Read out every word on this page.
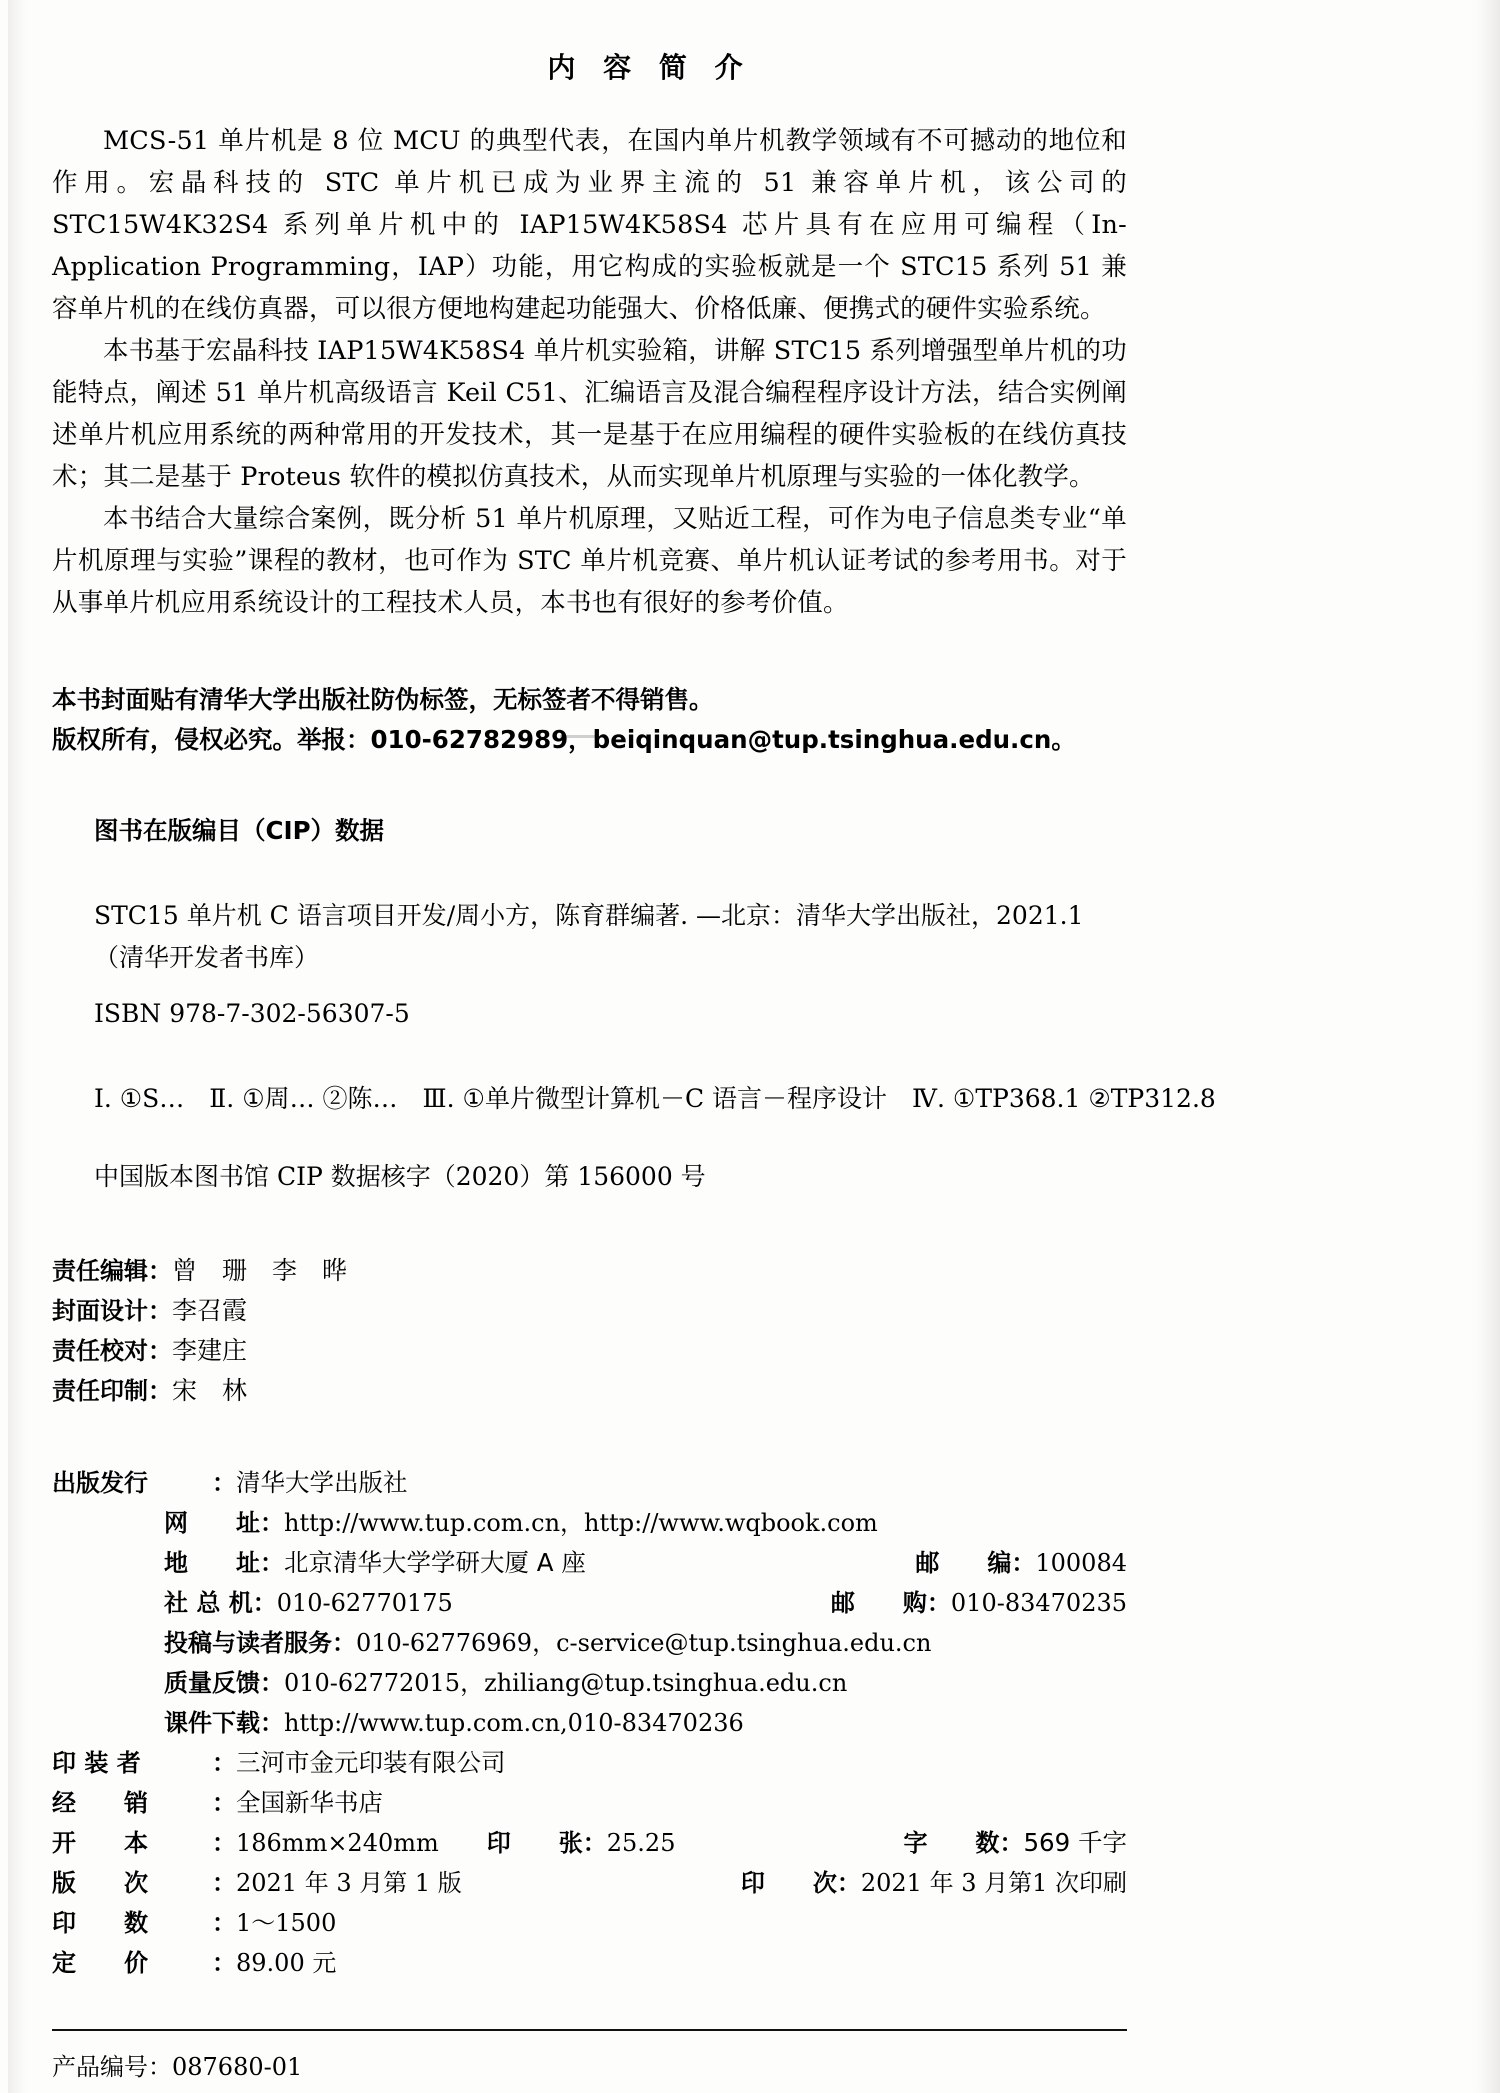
内 容 简 介

MCS-51 单片机是 8 位 MCU 的典型代表，在国内单片机教学领域有不可撼动的地位和作用。宏晶科技的 STC 单片机已成为业界主流的 51 兼容单片机，该公司的 STC15W4K32S4 系列单片机中的 IAP15W4K58S4 芯片具有在应用可编程（In-Application Programming，IAP）功能，用它构成的实验板就是一个 STC15 系列 51 兼容单片机的在线仿真器，可以很方便地构建起功能强大、价格低廉、便携式的硬件实验系统。

本书基于宏晶科技 IAP15W4K58S4 单片机实验箱，讲解 STC15 系列增强型单片机的功能特点，阐述 51 单片机高级语言 Keil C51、汇编语言及混合编程程序设计方法，结合实例阐述单片机应用系统的两种常用的开发技术，其一是基于在应用编程的硬件实验板的在线仿真技术；其二是基于 Proteus 软件的模拟仿真技术，从而实现单片机原理与实验的一体化教学。

本书结合大量综合案例，既分析 51 单片机原理，又贴近工程，可作为电子信息类专业“单片机原理与实验”课程的教材，也可作为 STC 单片机竞赛、单片机认证考试的参考用书。对于从事单片机应用系统设计的工程技术人员，本书也有很好的参考价值。

本书封面贴有清华大学出版社防伪标签，无标签者不得销售。
版权所有，侵权必究。举报：010-62782989，beiqinquan@tup.tsinghua.edu.cn。
图书在版编目（CIP）数据
STC15 单片机 C 语言项目开发/周小方，陈育群编著. —北京：清华大学出版社，2021.1
（清华开发者书库）
ISBN 978-7-302-56307-5
Ⅰ. ①S…　Ⅱ. ①周… ②陈…　Ⅲ. ①单片微型计算机－C 语言－程序设计　Ⅳ. ①TP368.1 ②TP312.8
中国版本图书馆 CIP 数据核字（2020）第 156000 号
责任编辑：曾　珊　李　晔
封面设计：李召霞
责任校对：李建庄
责任印制：宋　林
出版发行	： 清华大学出版社
网　　址 ： http://www.tup.com.cn，http://www.wqbook.com
地　　址 ： 北京清华大学学研大厦 A 座	邮　　编 ： 100084
社 总 机 ： 010-62770175	邮　　购 ： 010-83470235
投稿与读者服务 ： 010-62776969，c-service@tup.tsinghua.edu.cn
质量反馈 ： 010-62772015，zhiliang@tup.tsinghua.edu.cn
课件下载 ： http://www.tup.com.cn,010-83470236
印 装 者	： 三河市金元印装有限公司
经　　销	： 全国新华书店
开　　本	： 186mm×240mm 印　　张 ： 25.25	字　　数 ： 569 千字
版　　次	： 2021 年 3 月第 1 版	印　　次 ： 2021 年 3 月第1 次印刷
印　　数	： 1～1500
定　　价	： 89.00 元
产品编号：087680-01
